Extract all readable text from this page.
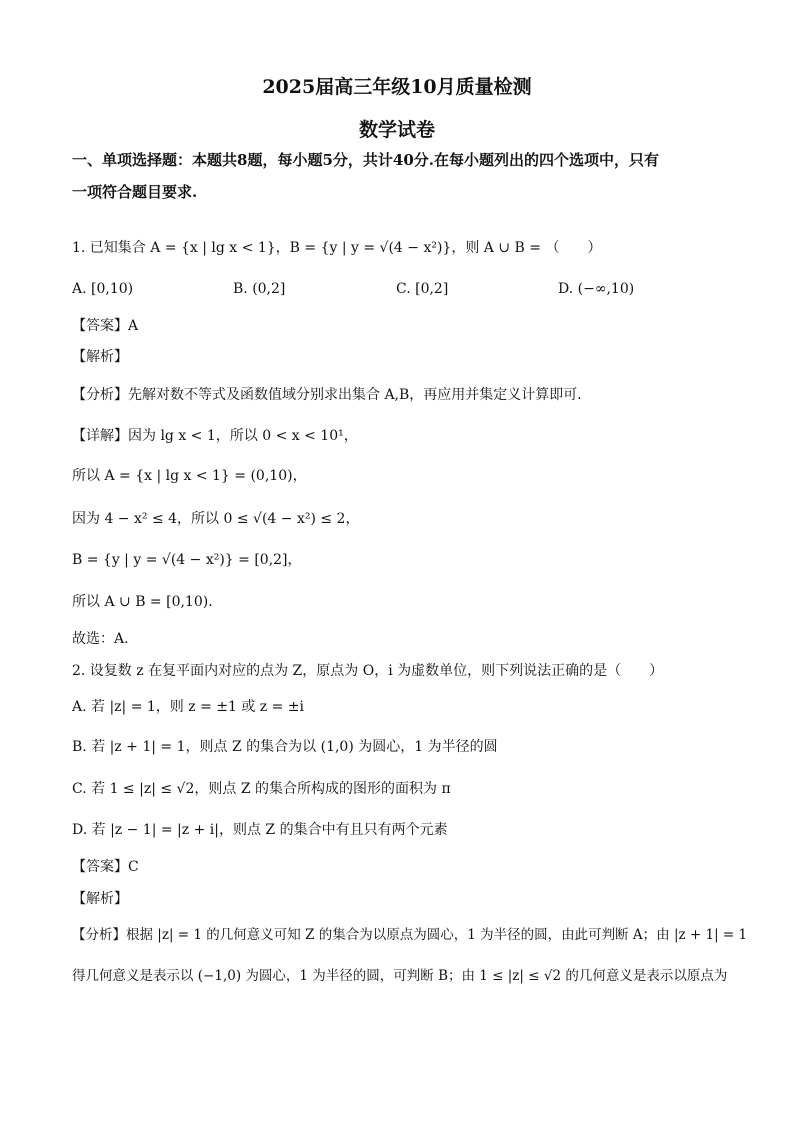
2025届高三年级10月质量检测
数学试卷
一、单项选择题：本题共8题，每小题5分，共计40分.在每小题列出的四个选项中，只有
一项符合题目要求.
1. 已知集合 A = {x | lg x < 1}，B = {y | y = √(4 − x²)}，则 A ∪ B = （　　）
A. [0,10)	B. (0,2]	C. [0,2]	D. (−∞,10)
【答案】A
【解析】
【分析】先解对数不等式及函数值域分别求出集合 A,B，再应用并集定义计算即可.
【详解】因为 lg x < 1，所以 0 < x < 10¹，
所以 A = {x | lg x < 1} = (0,10)，
因为 4 − x² ≤ 4，所以 0 ≤ √(4 − x²) ≤ 2，
B = {y | y = √(4 − x²)} = [0,2]，
所以 A ∪ B = [0,10).
故选：A.
2. 设复数 z 在复平面内对应的点为 Z，原点为 O，i 为虚数单位，则下列说法正确的是（　　）
A. 若 |z| = 1，则 z = ±1 或 z = ±i
B. 若 |z + 1| = 1，则点 Z 的集合为以 (1,0) 为圆心，1 为半径的圆
C. 若 1 ≤ |z| ≤ √2，则点 Z 的集合所构成的图形的面积为 π
D. 若 |z − 1| = |z + i|，则点 Z 的集合中有且只有两个元素
【答案】C
【解析】
【分析】根据 |z| = 1 的几何意义可知 Z 的集合为以原点为圆心，1 为半径的圆，由此可判断 A；由 |z + 1| = 1
得几何意义是表示以 (−1,0) 为圆心，1 为半径的圆，可判断 B；由 1 ≤ |z| ≤ √2 的几何意义是表示以原点为
